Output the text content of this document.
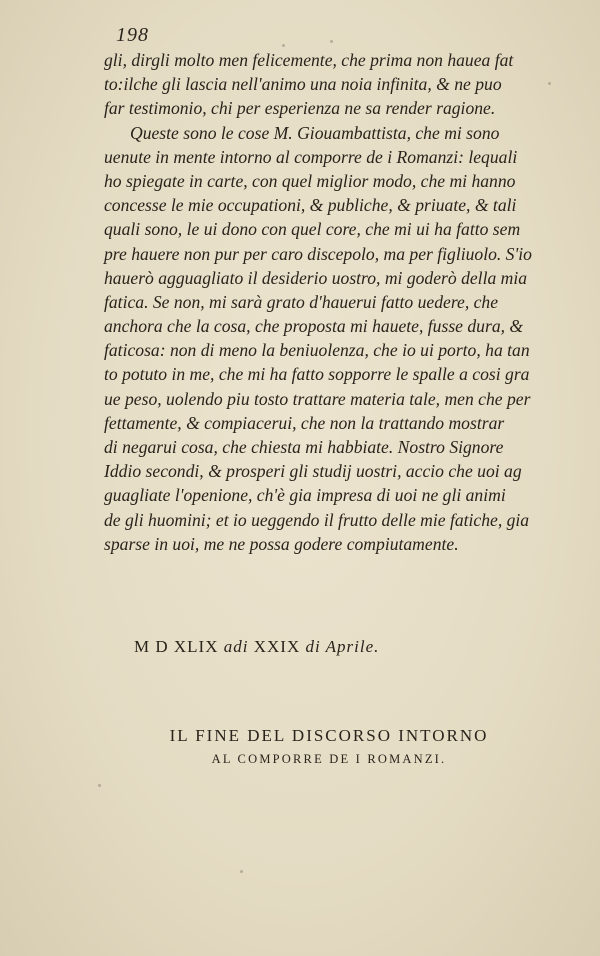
198
gli, dirgli molto men felicemente, che prima non hauea fat
to:ilche gli lascia nell'animo una noia infinita, & ne puo
far testimonio, chi per esperienza ne sa render ragione.
Queste sono le cose M. Giouambattista, che mi sono
uenute in mente intorno al comporre de i Romanzi: lequali
ho spiegate in carte, con quel miglior modo, che mi hanno
concesse le mie occupationi, & publiche, & priuate, & tali
quali sono, le ui dono con quel core, che mi ui ha fatto sem
pre hauere non pur per caro discepolo, ma per figliuolo. S'io
hauerò agguagliato il desiderio uostro, mi goderò della mia
fatica. Se non, mi sarà grato d'hauerui fatto uedere, che
anchora che la cosa, che proposta mi hauete, fusse dura, &
faticosa: non di meno la beniuolenza, che io ui porto, ha tan
to potuto in me, che mi ha fatto sopporre le spalle a cosi gra
ue peso, uolendo piu tosto trattare materia tale, men che per
fettamente, & compiacerui, che non la trattando mostrar
di negarui cosa, che chiesta mi habbiate. Nostro Signore
Iddio secondi, & prosperi gli studij uostri, accio che uoi ag
guagliate l'openione, ch'è gia impresa di uoi ne gli animi
de gli huomini; et io ueggendo il frutto delle mie fatiche, gia
sparse in uoi, me ne possa godere compiutamente.
M D XLIX adi XXIX di Aprile.
IL FINE DEL DISCORSO INTORNO
AL COMPORRE DE I ROMANZI.
